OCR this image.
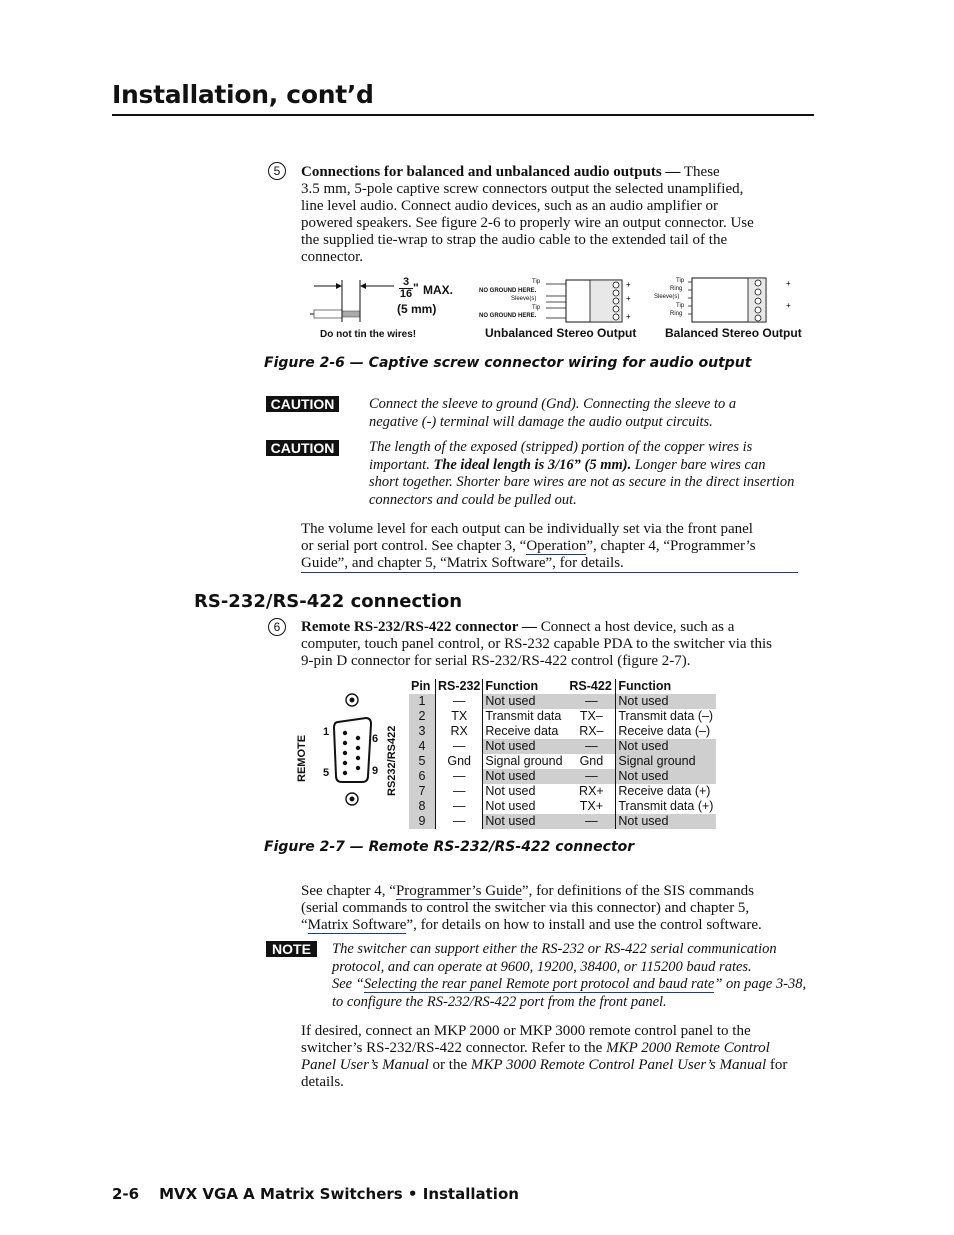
Installation, cont’d
5	Connections for balanced and unbalanced audio outputs — These
3.5 mm, 5-pole captive screw connectors output the selected unamplified,
line level audio. Connect audio devices, such as an audio amplifier or
powered speakers. See figure 2-6 to properly wire an output connector. Use
the supplied tie-wrap to strap the audio cable to the extended tail of the
connector.
+
+
+
+
+
$\frac{3}{16}$ " MAX.
(5 mm)
Do not tin the wires!
Tip
NO GROUND HERE.
Sleeve(s)
Tip
NO GROUND HERE.
Tip
Ring
Sleeve(s)
Tip
Ring
Unbalanced Stereo Output Balanced Stereo Output
Figure 2-6 — Captive screw connector wiring for audio output
CAUTION	Connect the sleeve to ground (Gnd). Connecting the sleeve to a
negative (-) terminal will damage the audio output circuits.
CAUTION	The length of the exposed (stripped) portion of the copper wires is
important. The ideal length is 3/16” (5 mm). Longer bare wires can
short together. Shorter bare wires are not as secure in the direct insertion
connectors and could be pulled out.
The volume level for each output can be individually set via the front panel
or serial port control. See chapter 3, “Operation”, chapter 4, “Programmer’s
Guide”, and chapter 5, “Matrix Software”, for details.
RS-232/RS-422 connection
6	Remote RS-232/RS-422 connector — Connect a host device, such as a
computer, touch panel control, or RS-232 capable PDA to the switcher via this
9-pin D connector for serial RS-232/RS-422 control (figure 2-7).
REMOTE	RS232/RS422
1
5
6
9
Pin	RS-232	Function	RS-422	Function
1	—	Not used	—	Not used
2	TX	Transmit data	TX–	Transmit data (–)
3	RX	Receive data	RX–	Receive data (–)
4	—	Not used	—	Not used
5	Gnd	Signal ground	Gnd	Signal ground
6	—	Not used	—	Not used
7	—	Not used	RX+	Receive data (+)
8	—	Not used	TX+	Transmit data (+)
9	—	Not used	—	Not used
Figure 2-7 — Remote RS-232/RS-422 connector
See chapter 4, “Programmer’s Guide”, for definitions of the SIS commands
(serial commands to control the switcher via this connector) and chapter 5,
“Matrix Software”, for details on how to install and use the control software.
NOTE	The switcher can support either the RS-232 or RS-422 serial communication
protocol, and can operate at 9600, 19200, 38400, or 115200 baud rates.
See “Selecting the rear panel Remote port protocol and baud rate” on page 3-38,
to configure the RS-232/RS-422 port from the front panel.
If desired, connect an MKP 2000 or MKP 3000 remote control panel to the
switcher’s RS-232/RS-422 connector. Refer to the MKP 2000 Remote Control
Panel User’s Manual or the MKP 3000 Remote Control Panel User’s Manual for
details.
2-6 MVX VGA A Matrix Switchers • Installation
